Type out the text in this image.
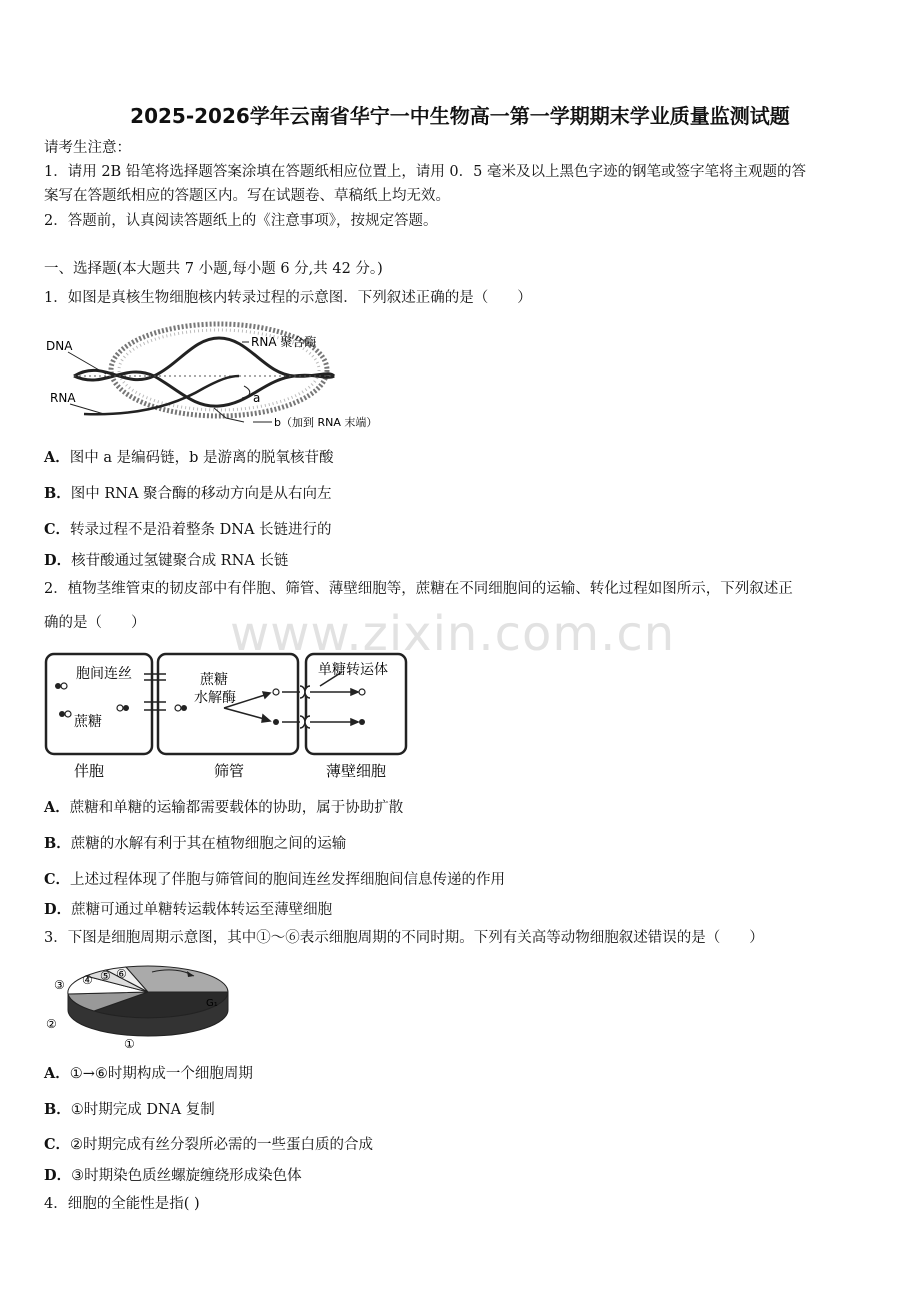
2025-2026学年云南省华宁一中生物高一第一学期期末学业质量监测试题
请考生注意：
1．请用 2B 铅笔将选择题答案涂填在答题纸相应位置上，请用 0．5 毫米及以上黑色字迹的钢笔或签字笔将主观题的答
案写在答题纸相应的答题区内。写在试题卷、草稿纸上均无效。
2．答题前，认真阅读答题纸上的《注意事项》，按规定答题。
一、选择题(本大题共 7 小题,每小题 6 分,共 42 分。)
1．如图是真核生物细胞核内转录过程的示意图．下列叙述正确的是（　　）
DNA
RNA
RNA 聚合酶
a
b（加到 RNA 末端）
A．图中 a 是编码链，b 是游离的脱氧核苷酸
B．图中 RNA 聚合酶的移动方向是从右向左
C．转录过程不是沿着整条 DNA 长链进行的
D．核苷酸通过氢键聚合成 RNA 长链
2．植物茎维管束的韧皮部中有伴胞、筛管、薄壁细胞等，蔗糖在不同细胞间的运输、转化过程如图所示，下列叙述正
确的是（　　） www.zixin.com.cn
胞间连丝
蔗糖
蔗糖
水解酶
单糖转运体
伴胞	筛管	薄壁细胞
A．蔗糖和单糖的运输都需要载体的协助，属于协助扩散
B．蔗糖的水解有利于其在植物细胞之间的运输
C．上述过程体现了伴胞与筛管间的胞间连丝发挥细胞间信息传递的作用
D．蔗糖可通过单糖转运载体转运至薄壁细胞
3．下图是细胞周期示意图，其中①～⑥表示细胞周期的不同时期。下列有关高等动物细胞叙述错误的是（　　）
③ ④ ⑤ ⑥
②
①
G₁
A．①→⑥时期构成一个细胞周期
B．①时期完成 DNA 复制
C．②时期完成有丝分裂所必需的一些蛋白质的合成
D．③时期染色质丝螺旋缠绕形成染色体
4．细胞的全能性是指( )
